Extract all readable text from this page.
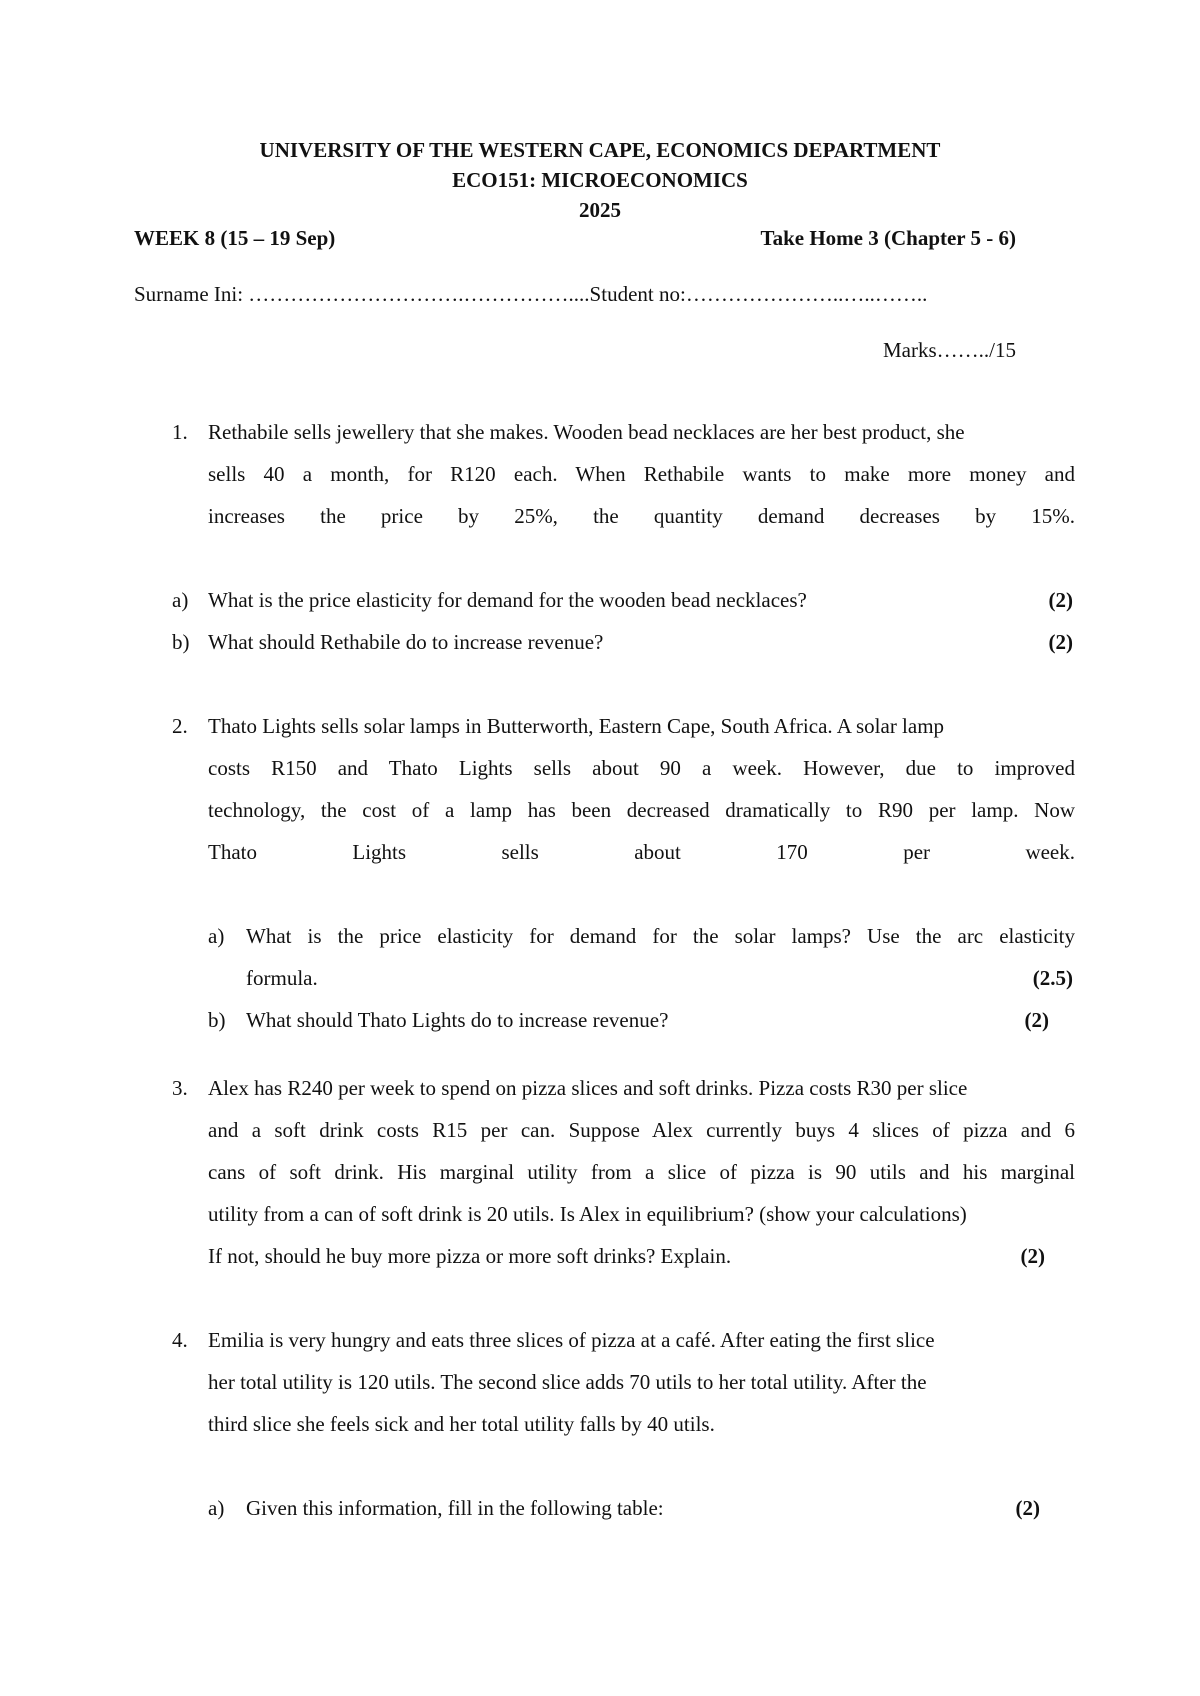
UNIVERSITY OF THE WESTERN CAPE, ECONOMICS DEPARTMENT
ECO151: MICROECONOMICS
2025
WEEK 8 (15 – 19 Sep)	Take Home 3 (Chapter 5 - 6)
Surname Ini: ………………………….……………....Student no:…………………..…..……..
Marks……../15
1. Rethabile sells jewellery that she makes. Wooden bead necklaces are her best product, she
sells 40 a month, for R120 each. When Rethabile wants to make more money and
increases the price by 25%, the quantity demand decreases by 15%.
a) What is the price elasticity for demand for the wooden bead necklaces?	(2)
b) What should Rethabile do to increase revenue?	(2)
2. Thato Lights sells solar lamps in Butterworth, Eastern Cape, South Africa. A solar lamp
costs R150 and Thato Lights sells about 90 a week. However, due to improved
technology, the cost of a lamp has been decreased dramatically to R90 per lamp. Now
Thato Lights sells about 170 per week.
a) What is the price elasticity for demand for the solar lamps? Use the arc elasticity
formula.	(2.5)
b) What should Thato Lights do to increase revenue?	(2)
3. Alex has R240 per week to spend on pizza slices and soft drinks. Pizza costs R30 per slice
and a soft drink costs R15 per can. Suppose Alex currently buys 4 slices of pizza and 6
cans of soft drink. His marginal utility from a slice of pizza is 90 utils and his marginal
utility from a can of soft drink is 20 utils. Is Alex in equilibrium? (show your calculations)
If not, should he buy more pizza or more soft drinks? Explain.	(2)
4. Emilia is very hungry and eats three slices of pizza at a café. After eating the first slice
her total utility is 120 utils. The second slice adds 70 utils to her total utility. After the
third slice she feels sick and her total utility falls by 40 utils.
a) Given this information, fill in the following table:	(2)
